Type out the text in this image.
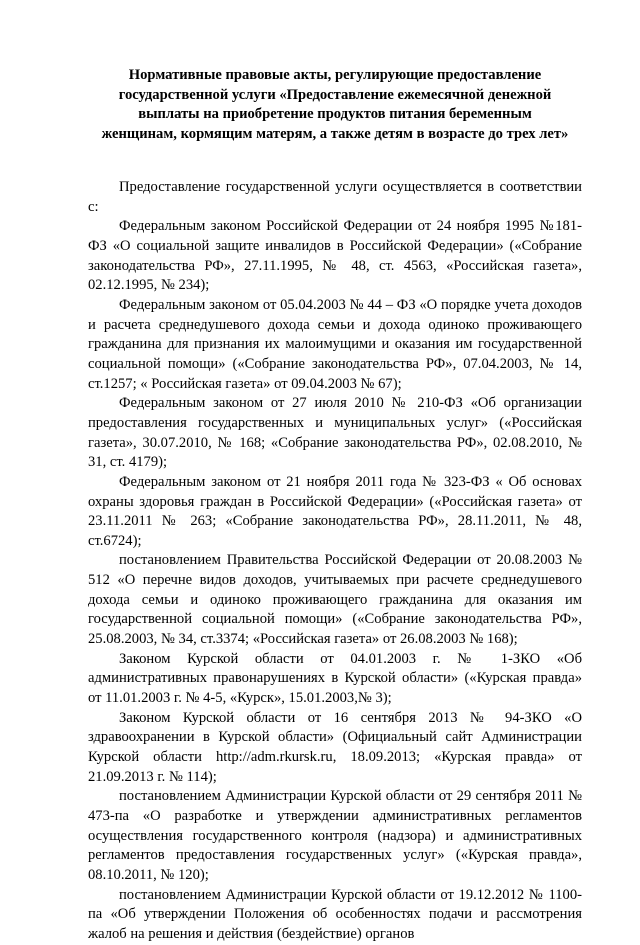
Нормативные правовые акты, регулирующие предоставление
государственной услуги «Предоставление ежемесячной денежной
выплаты на приобретение продуктов питания беременным
женщинам, кормящим матерям, а также детям в возрасте до трех лет»

Предоставление государственной услуги осуществляется в соответствии с:

Федеральным законом Российской Федерации от 24 ноября 1995 №181-ФЗ «О социальной защите инвалидов в Российской Федерации» («Собрание законодательства РФ», 27.11.1995, № 48, ст. 4563, «Российская газета», 02.12.1995, № 234);

Федеральным законом от 05.04.2003 № 44 – ФЗ «О порядке учета доходов и расчета среднедушевого дохода семьи и дохода одиноко проживающего гражданина для признания их малоимущими и оказания им государственной социальной помощи» («Собрание законодательства РФ», 07.04.2003, № 14, ст.1257; « Российская газета» от 09.04.2003 № 67);

Федеральным законом от 27 июля 2010 № 210-ФЗ «Об организации предоставления государственных и муниципальных услуг» («Российская газета», 30.07.2010, № 168; «Собрание законодательства РФ», 02.08.2010, № 31, ст. 4179);

Федеральным законом от 21 ноября 2011 года № 323-ФЗ « Об основах охраны здоровья граждан в Российской Федерации» («Российская газета» от 23.11.2011 № 263; «Собрание законодательства РФ», 28.11.2011, № 48, ст.6724);

постановлением Правительства Российской Федерации от 20.08.2003 № 512 «О перечне видов доходов, учитываемых при расчете среднедушевого дохода семьи и одиноко проживающего гражданина для оказания им государственной социальной помощи» («Собрание законодательства РФ», 25.08.2003, № 34, ст.3374; «Российская газета» от 26.08.2003 № 168);

Законом Курской области от 04.01.2003 г. № 1-ЗКО «Об административных правонарушениях в Курской области» («Курская правда» от 11.01.2003 г. № 4-5, «Курск», 15.01.2003,№ 3);

Законом Курской области от 16 сентября 2013 № 94-ЗКО «О здравоохранении в Курской области» (Официальный сайт Администрации Курской области http://adm.rkursk.ru, 18.09.2013; «Курская правда» от 21.09.2013 г. № 114);

постановлением Администрации Курской области от 29 сентября 2011 № 473-па «О разработке и утверждении административных регламентов осуществления государственного контроля (надзора) и административных регламентов предоставления государственных услуг» («Курская правда», 08.10.2011, № 120);

постановлением Администрации Курской области от 19.12.2012 № 1100-па «Об утверждении Положения об особенностях подачи и рассмотрения жалоб на решения и действия (бездействие) органов
